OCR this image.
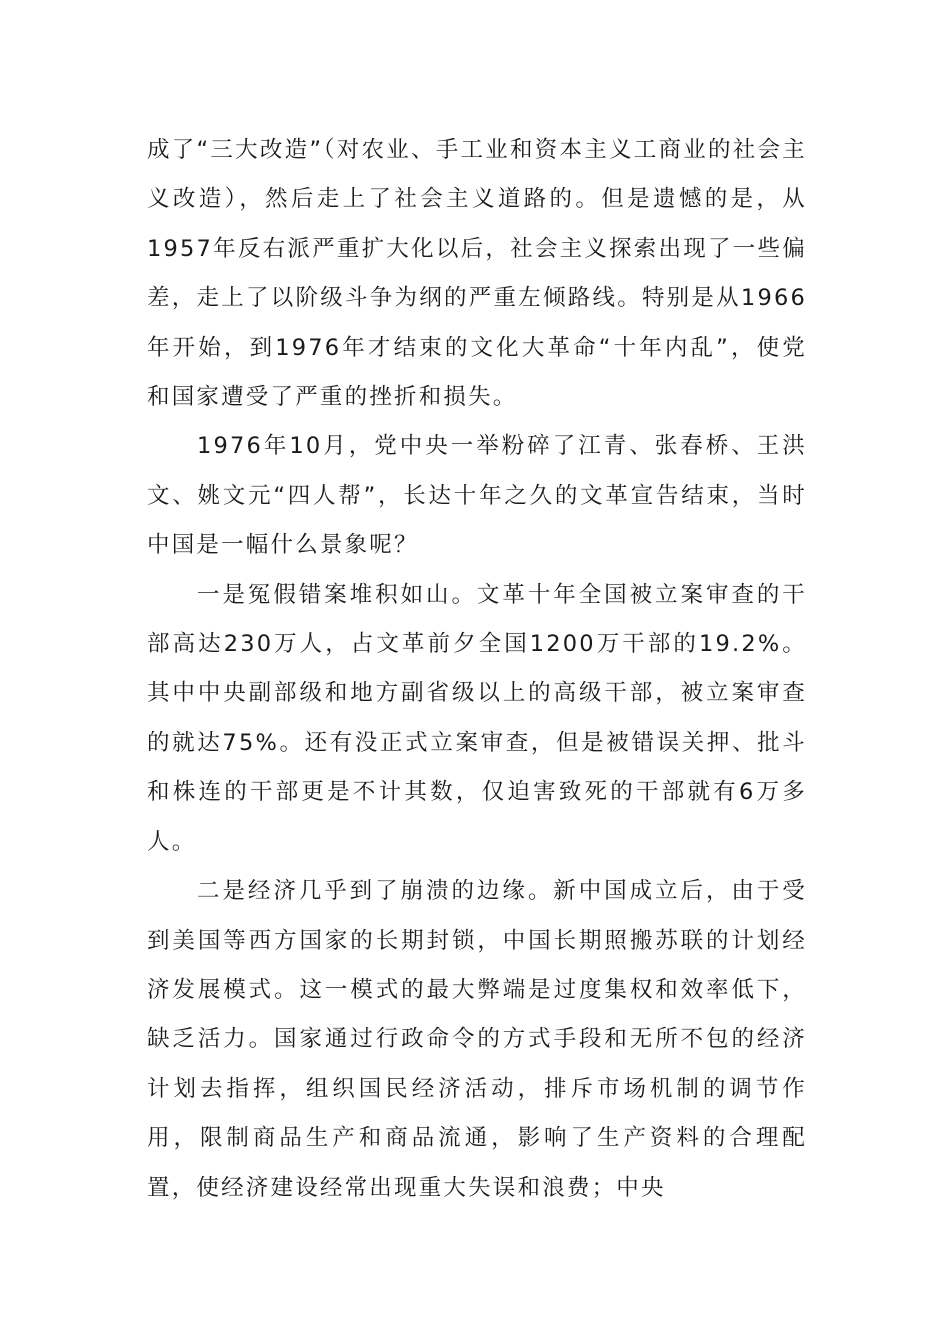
成了“三大改造”（对农业、手工业和资本主义工商业的社会主义改造），然后走上了社会主义道路的。但是遗憾的是，从1957年反右派严重扩大化以后，社会主义探索出现了一些偏差，走上了以阶级斗争为纲的严重左倾路线。特别是从1966年开始，到1976年才结束的文化大革命“十年内乱”，使党和国家遭受了严重的挫折和损失。

1976年10月，党中央一举粉碎了江青、张春桥、王洪文、姚文元“四人帮”，长达十年之久的文革宣告结束，当时中国是一幅什么景象呢？

一是冤假错案堆积如山。文革十年全国被立案审查的干部高达230万人，占文革前夕全国1200万干部的19.2%。其中中央副部级和地方副省级以上的高级干部，被立案审查的就达75%。还有没正式立案审查，但是被错误关押、批斗和株连的干部更是不计其数，仅迫害致死的干部就有6万多人。

二是经济几乎到了崩溃的边缘。新中国成立后，由于受到美国等西方国家的长期封锁，中国长期照搬苏联的计划经济发展模式。这一模式的最大弊端是过度集权和效率低下，缺乏活力。国家通过行政命令的方式手段和无所不包的经济计划去指挥，组织国民经济活动，排斥市场机制的调节作用，限制商品生产和商品流通，影响了生产资料的合理配置，使经济建设经常出现重大失误和浪费；中央
